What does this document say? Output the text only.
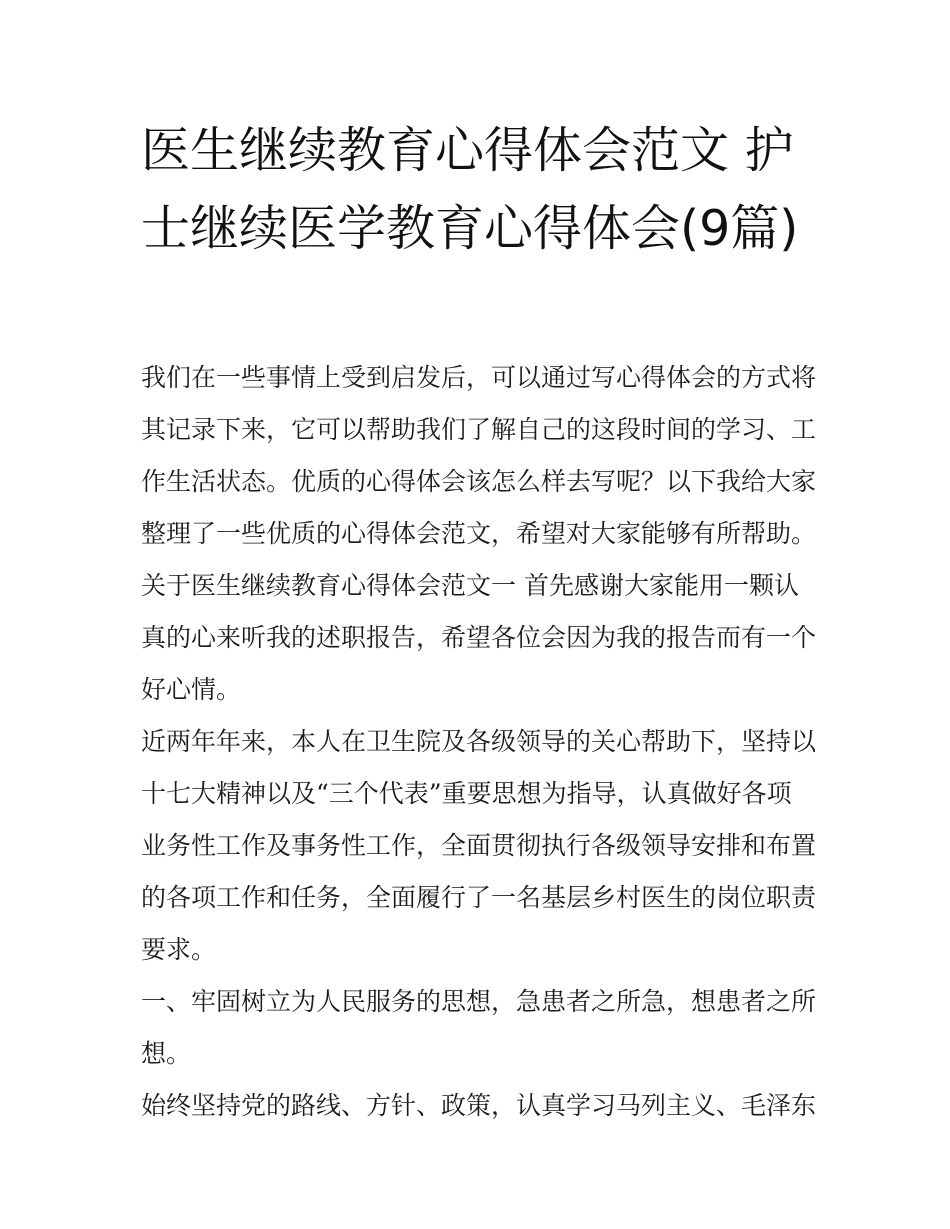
医生继续教育心得体会范文 护士继续医学教育心得体会(9篇)

我们在一些事情上受到启发后，可以通过写心得体会的方式将其记录下来，它可以帮助我们了解自己的这段时间的学习、工作生活状态。优质的心得体会该怎么样去写呢？以下我给大家整理了一些优质的心得体会范文，希望对大家能够有所帮助。

关于医生继续教育心得体会范文一 首先感谢大家能用一颗认真的心来听我的述职报告，希望各位会因为我的报告而有一个好心情。

近两年年来，本人在卫生院及各级领导的关心帮助下，坚持以十七大精神以及“三个代表”重要思想为指导，认真做好各项业务性工作及事务性工作，全面贯彻执行各级领导安排和布置的各项工作和任务，全面履行了一名基层乡村医生的岗位职责要求。

一、牢固树立为人民服务的思想，急患者之所急，想患者之所想。

始终坚持党的路线、方针、政策，认真学习马列主义、毛泽东
